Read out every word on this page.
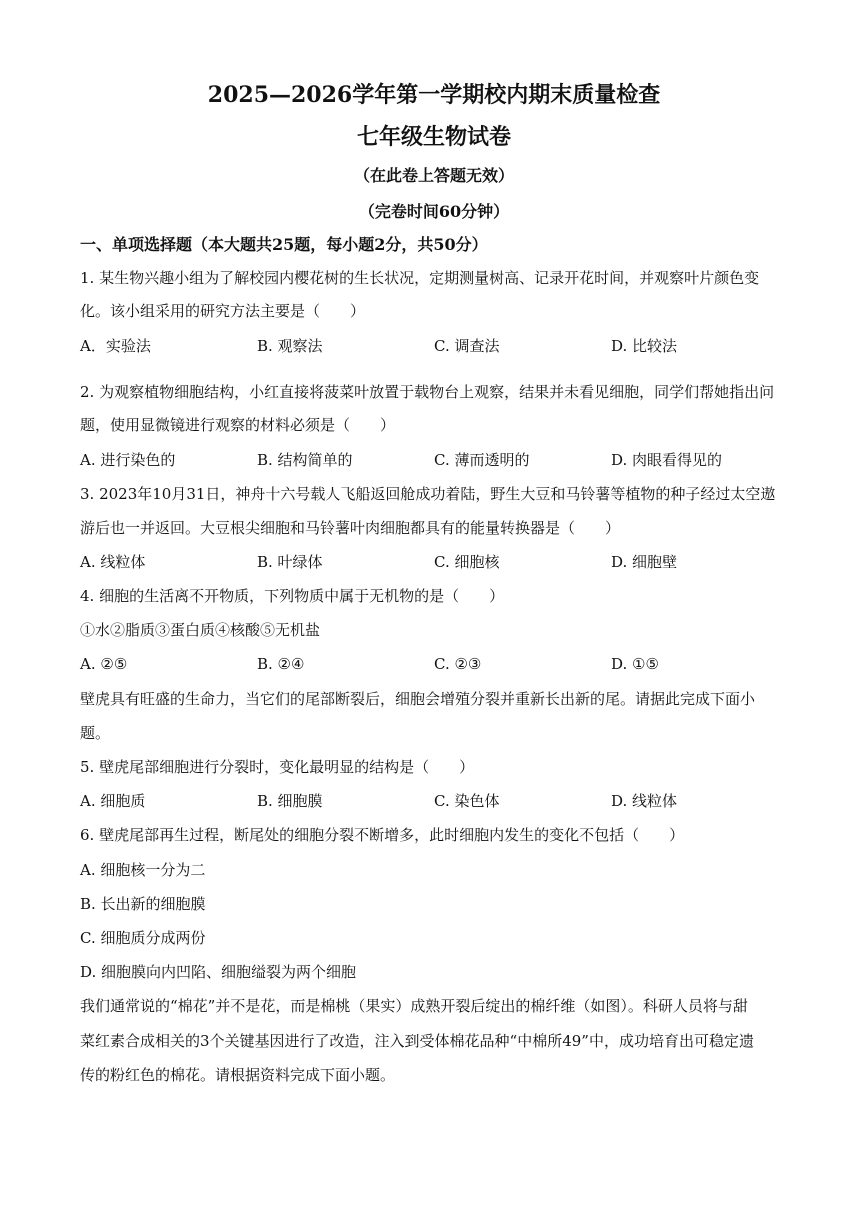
2025—2026学年第一学期校内期末质量检查
七年级生物试卷
（在此卷上答题无效）
（完卷时间60分钟）
一、单项选择题（本大题共25题，每小题2分，共50分）
1. 某生物兴趣小组为了解校园内樱花树的生长状况，定期测量树高、记录开花时间，并观察叶片颜色变
化。该小组采用的研究方法主要是（　　）
A．实验法	B. 观察法	C. 调查法	D. 比较法
2. 为观察植物细胞结构，小红直接将菠菜叶放置于载物台上观察，结果并未看见细胞，同学们帮她指出问
题，使用显微镜进行观察的材料必须是（　　）
A. 进行染色的	B. 结构简单的	C. 薄而透明的	D. 肉眼看得见的
3. 2023年10月31日，神舟十六号载人飞船返回舱成功着陆，野生大豆和马铃薯等植物的种子经过太空遨
游后也一并返回。大豆根尖细胞和马铃薯叶肉细胞都具有的能量转换器是（　　）
A. 线粒体	B. 叶绿体	C. 细胞核	D. 细胞壁
4. 细胞的生活离不开物质，下列物质中属于无机物的是（　　）
①水②脂质③蛋白质④核酸⑤无机盐
A. ②⑤	B. ②④	C. ②③	D. ①⑤
壁虎具有旺盛的生命力，当它们的尾部断裂后，细胞会增殖分裂并重新长出新的尾。请据此完成下面小
题。
5. 壁虎尾部细胞进行分裂时，变化最明显的结构是（　　）
A. 细胞质	B. 细胞膜	C. 染色体	D. 线粒体
6. 壁虎尾部再生过程，断尾处的细胞分裂不断增多，此时细胞内发生的变化不包括（　　）
A. 细胞核一分为二
B. 长出新的细胞膜
C. 细胞质分成两份
D. 细胞膜向内凹陷、细胞缢裂为两个细胞
我们通常说的“棉花”并不是花，而是棉桃（果实）成熟开裂后绽出的棉纤维（如图）。科研人员将与甜
菜红素合成相关的3个关键基因进行了改造，注入到受体棉花品种“中棉所49”中，成功培育出可稳定遗
传的粉红色的棉花。请根据资料完成下面小题。
